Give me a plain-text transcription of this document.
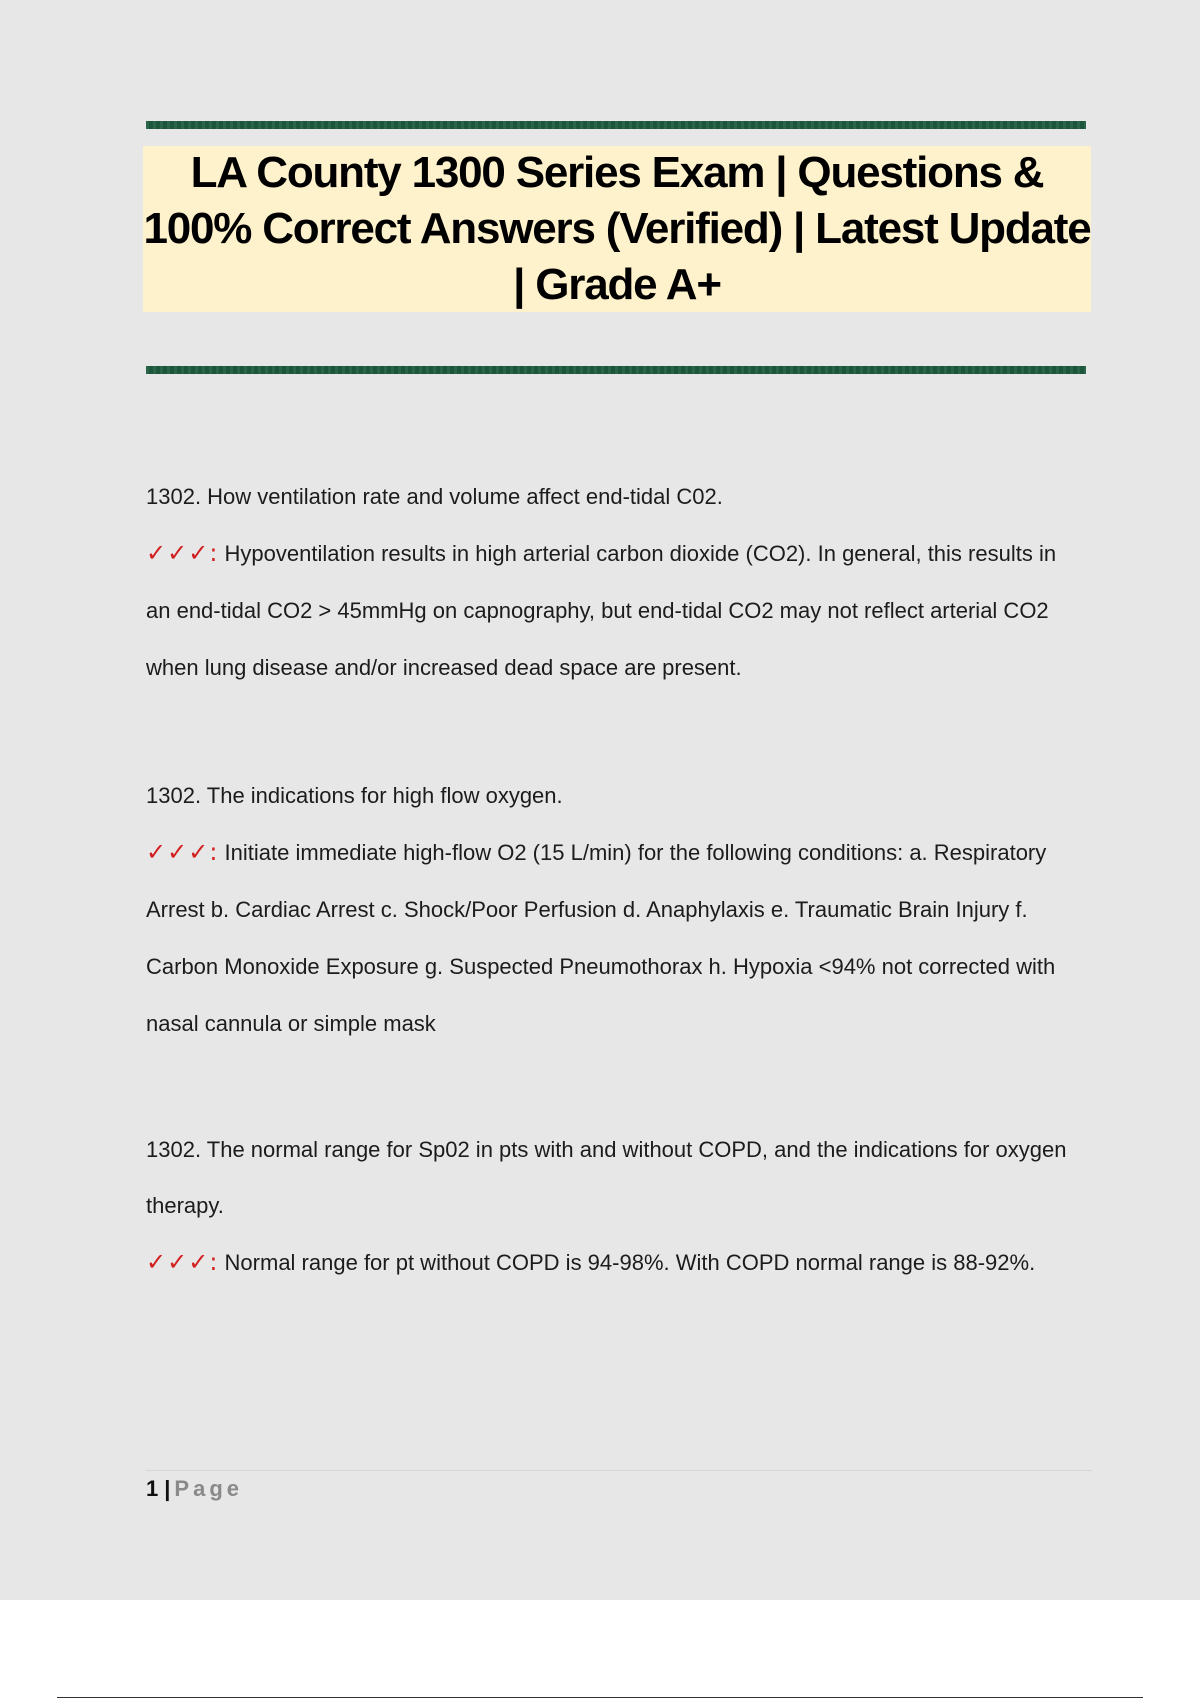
LA County 1300 Series Exam | Questions & 100% Correct Answers (Verified) | Latest Update | Grade A+

1302. How ventilation rate and volume affect end-tidal C02.

✓✓✓: Hypoventilation results in high arterial carbon dioxide (CO2). In general, this results in an end-tidal CO2 > 45mmHg on capnography, but end-tidal CO2 may not reflect arterial CO2 when lung disease and/or increased dead space are present.

1302. The indications for high flow oxygen.

✓✓✓: Initiate immediate high-flow O2 (15 L/min) for the following conditions: a. Respiratory Arrest b. Cardiac Arrest c. Shock/Poor Perfusion d. Anaphylaxis e. Traumatic Brain Injury f. Carbon Monoxide Exposure g. Suspected Pneumothorax h. Hypoxia <94% not corrected with nasal cannula or simple mask

1302. The normal range for Sp02 in pts with and without COPD, and the indications for oxygen therapy.

✓✓✓: Normal range for pt without COPD is 94-98%. With COPD normal range is 88-92%.

1 | Page
